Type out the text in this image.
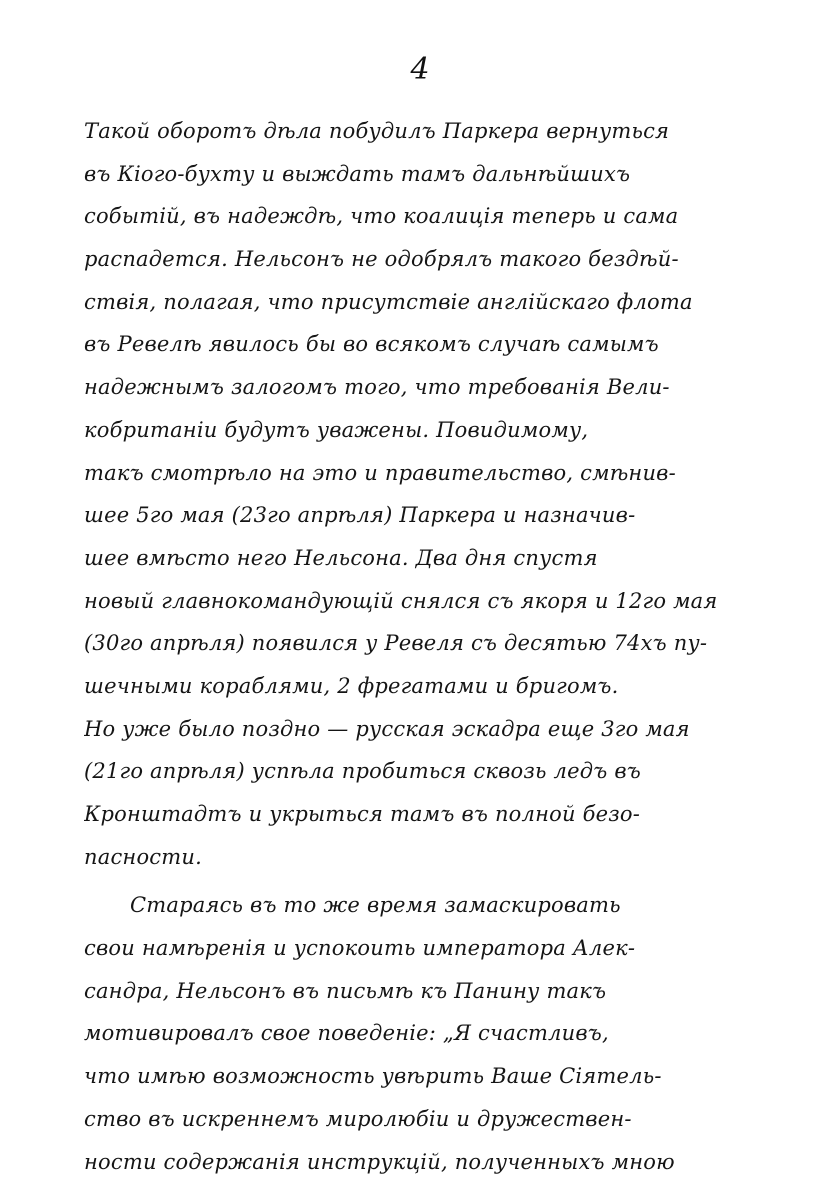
4
Такой оборотъ дѣла побудилъ Паркера вернуться
въ Кіого-бухту и выждать тамъ дальнѣйшихъ
событій, въ надеждѣ, что коалиція теперь и сама
распадется. Нельсонъ не одобрялъ такого бездѣй-
ствія, полагая, что присутствіе англійскаго флота
въ Ревелѣ явилось бы во всякомъ случаѣ самымъ
надежнымъ залогомъ того, что требованія Вели-
кобританіи будутъ уважены. Повидимому,
такъ смотрѣло на это и правительство, смѣнив-
шее 5го мая (23го апрѣля) Паркера и назначив-
шее вмѣсто него Нельсона. Два дня спустя
новый главнокомандующій снялся съ якоря и 12го мая
(30го апрѣля) появился у Ревеля съ десятью 74хъ пу-
шечными кораблями, 2 фрегатами и бригомъ.
Но уже было поздно — русская эскадра еще 3го мая
(21го апрѣля) успѣла пробиться сквозь ледъ въ
Кронштадтъ и укрыться тамъ въ полной безо-
пасности.
Стараясь въ то же время замаскировать
свои намѣренія и успокоить императора Алек-
сандра, Нельсонъ въ письмѣ къ Панину такъ
мотивировалъ свое поведеніе: „Я счастливъ,
что имѣю возможность увѣрить Ваше Сіятель-
ство въ искреннемъ миролюбіи и дружествен-
ности содержанія инструкцій, полученныхъ мною
